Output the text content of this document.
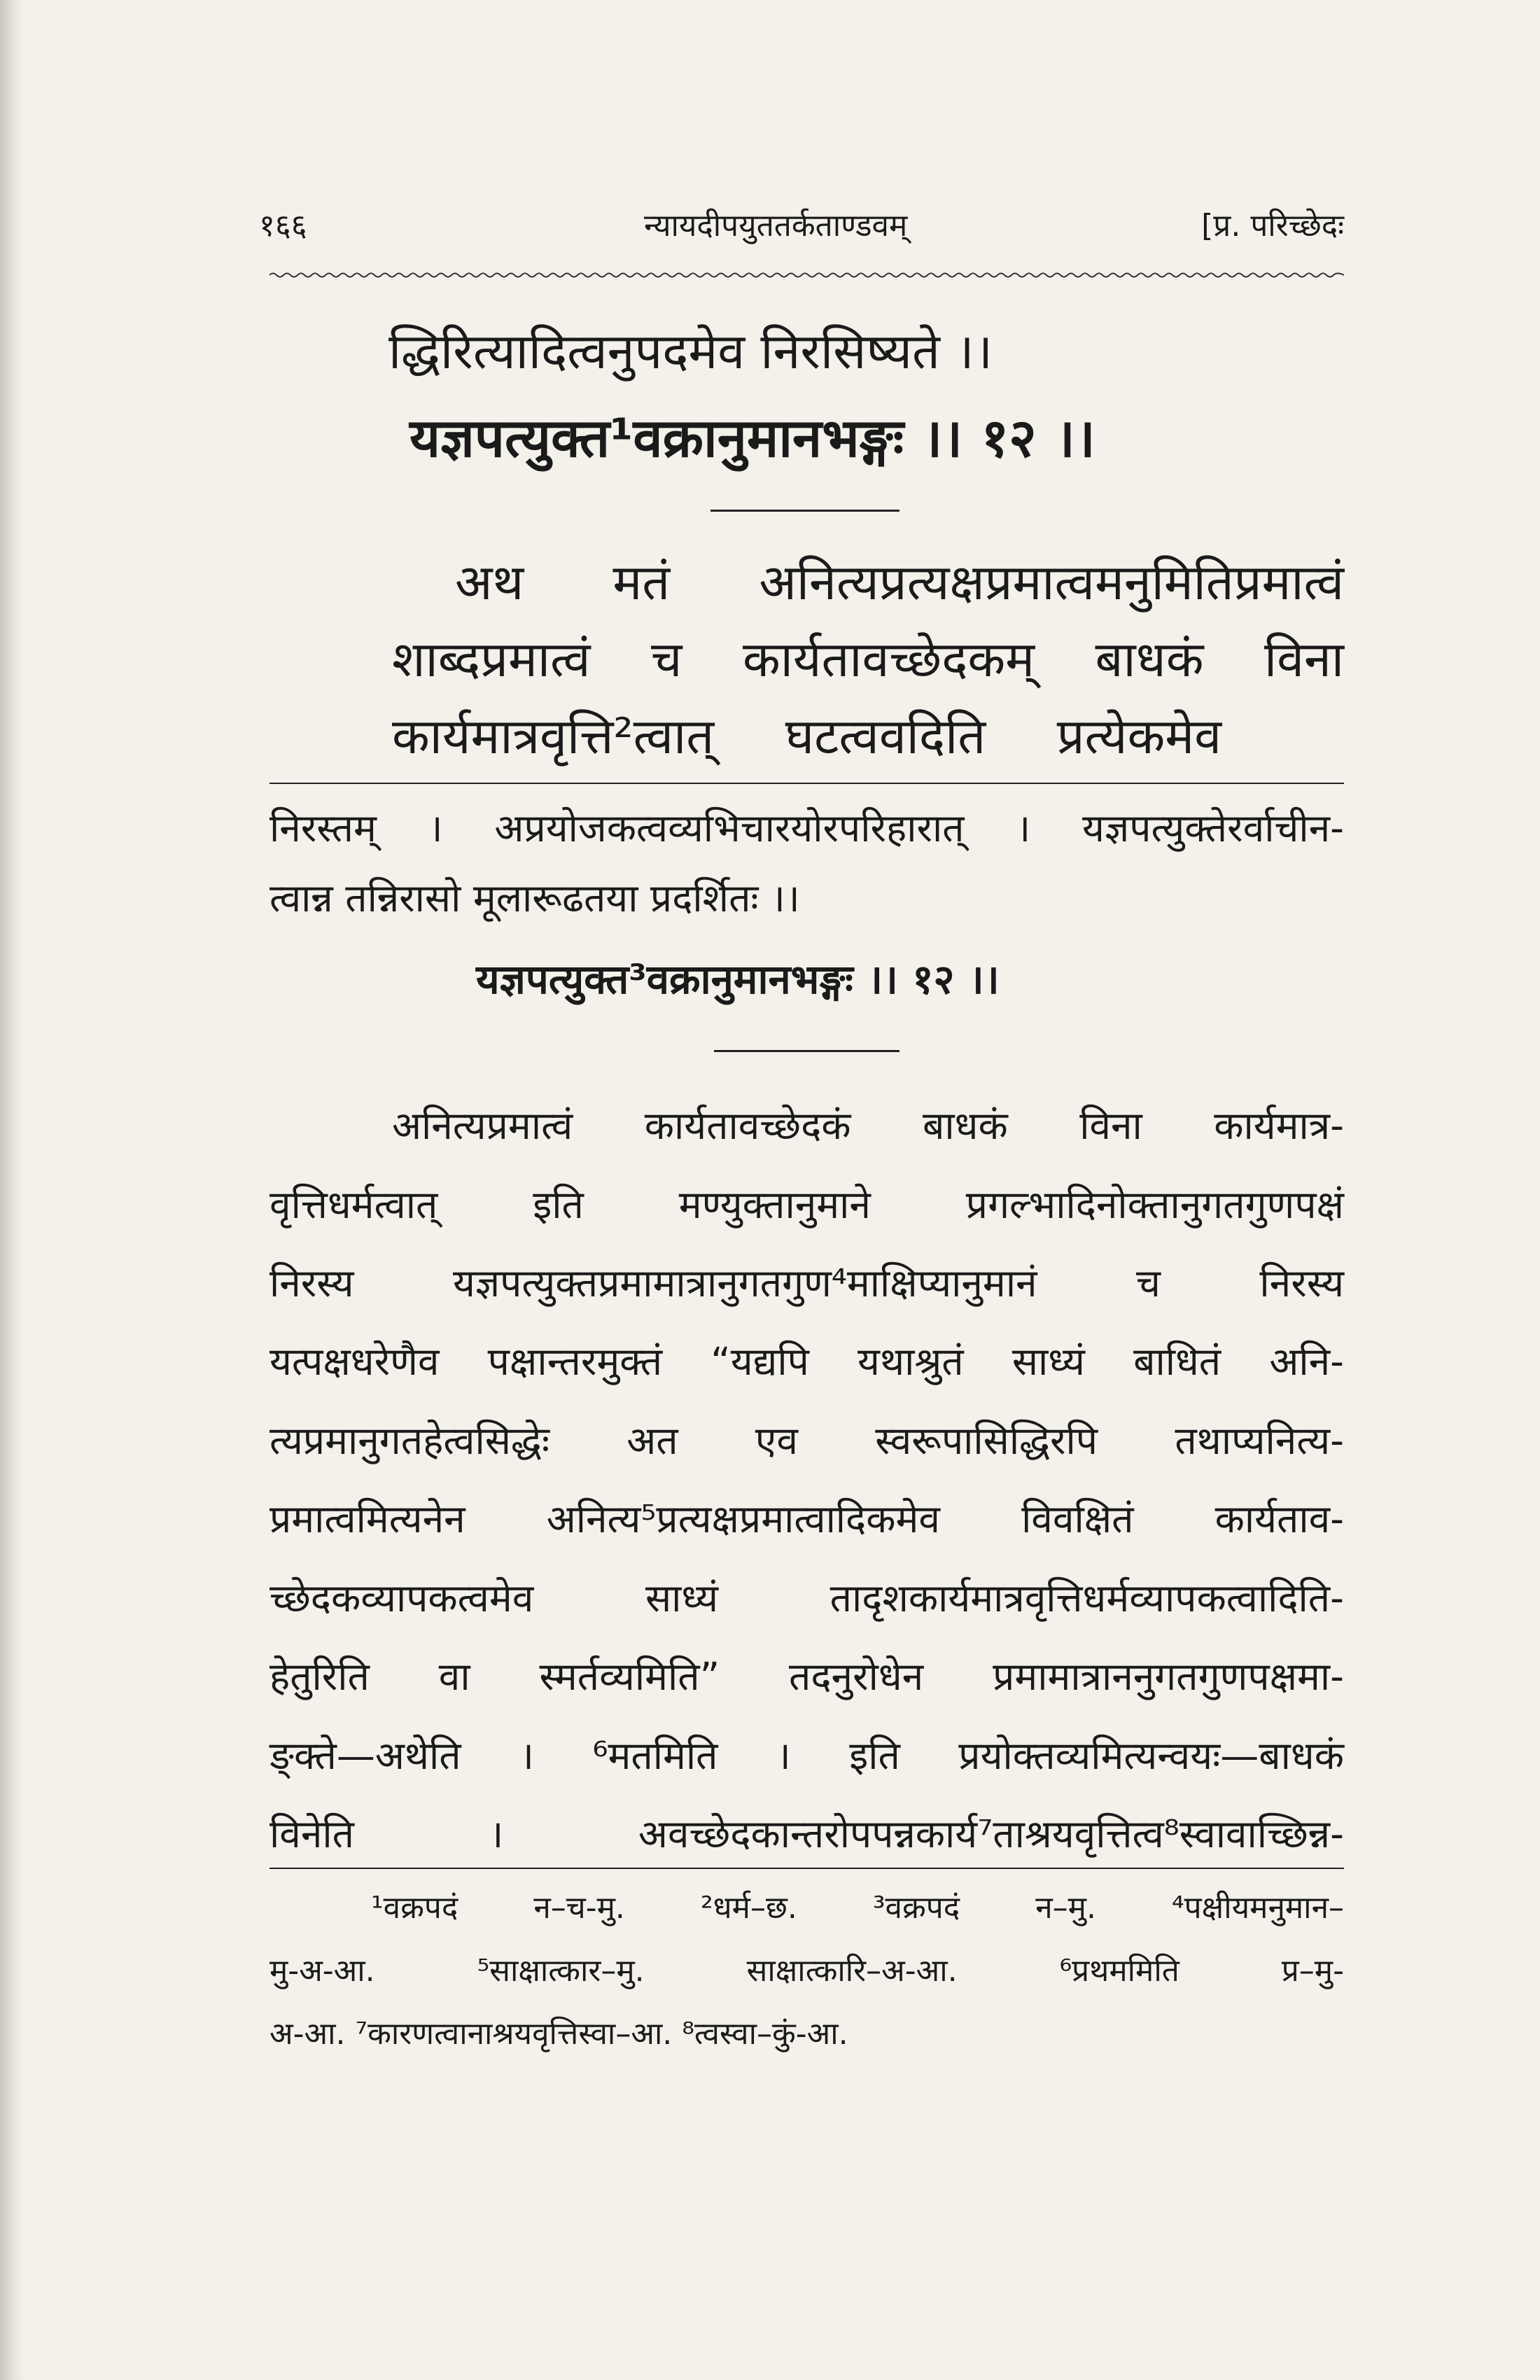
१६६	न्यायदीपयुततर्कताण्डवम्	[प्र. परिच्छेदः
द्धिरित्यादित्वनुपदमेव निरसिष्यते ।।
यज्ञपत्युक्त¹वक्रानुमानभङ्गः ।। १२ ।।
अथ मतं अनित्यप्रत्यक्षप्रमात्वमनुमितिप्रमात्वं
शाब्दप्रमात्वं च कार्यतावच्छेदकम् बाधकं विना
कार्यमात्रवृत्ति²त्वात् घटत्ववदिति प्रत्येकमेव
निरस्तम् । अप्रयोजकत्वव्यभिचारयोरपरिहारात् । यज्ञपत्युक्तेरर्वाचीन-
त्वान्न तन्निरासो मूलारूढतया प्रदर्शितः ।।
यज्ञपत्युक्त³वक्रानुमानभङ्गः ।। १२ ।।
अनित्यप्रमात्वं कार्यतावच्छेदकं बाधकं विना कार्यमात्र-
वृत्तिधर्मत्वात् इति मण्युक्तानुमाने प्रगल्भादिनोक्तानुगतगुणपक्षं
निरस्य यज्ञपत्युक्तप्रमामात्रानुगतगुण⁴माक्षिप्यानुमानं च निरस्य
यत्पक्षधरेणैव पक्षान्तरमुक्तं “यद्यपि यथाश्रुतं साध्यं बाधितं अनि-
त्यप्रमानुगतहेत्वसिद्धेः अत एव स्वरूपासिद्धिरपि तथाप्यनित्य-
प्रमात्वमित्यनेन अनित्य⁵प्रत्यक्षप्रमात्वादिकमेव विवक्षितं कार्यताव-
च्छेदकव्यापकत्वमेव साध्यं तादृशकार्यमात्रवृत्तिधर्मव्यापकत्वादिति-
हेतुरिति वा स्मर्तव्यमिति” तदनुरोधेन प्रमामात्राननुगतगुणपक्षमा-
ङ्क्ते—अथेति । ⁶मतमिति । इति प्रयोक्तव्यमित्यन्वयः—बाधकं
विनेति । अवच्छेदकान्तरोपपन्नकार्य⁷ताश्रयवृत्तित्व⁸स्वावाच्छिन्न-
¹वक्रपदं न–च-मु. ²धर्म–छ. ³वक्रपदं न–मु. ⁴पक्षीयमनुमान–
मु-अ-आ. ⁵साक्षात्कार–मु. साक्षात्कारि–अ-आ. ⁶प्रथममिति प्र–मु-
अ-आ. ⁷कारणत्वानाश्रयवृत्तिस्वा–आ. ⁸त्वस्वा–कुं-आ.
